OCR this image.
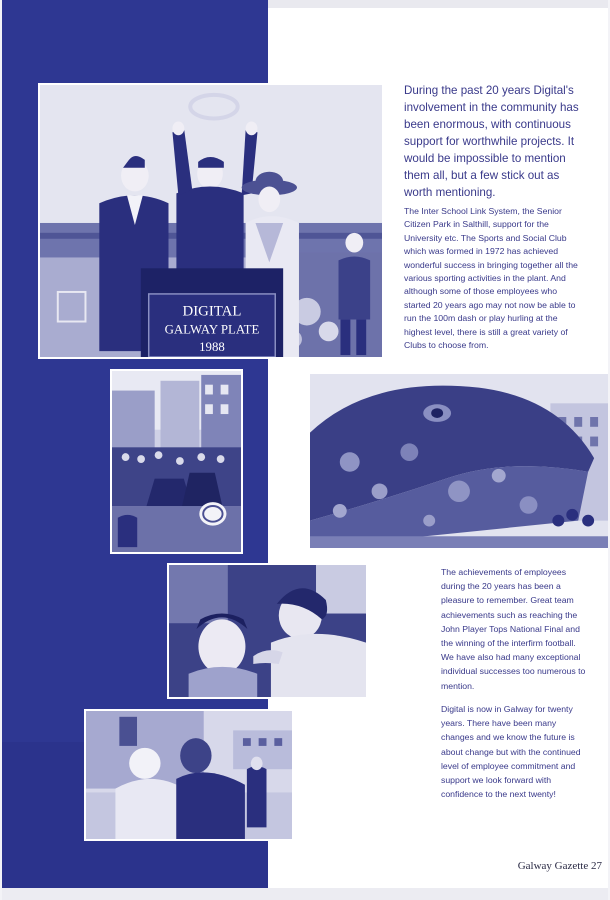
DIGITAL
GALWAY PLATE
1988

During the past 20 years Digital's involvement in the community has been enormous, with continuous support for worthwhile projects. It would be impossible to mention them all, but a few stick out as worth mentioning.

The Inter School Link System, the Senior Citizen Park in Salthill, support for the University etc. The Sports and Social Club which was formed in 1972 has achieved wonderful success in bringing together all the various sporting activities in the plant. And although some of those employees who started 20 years ago may not now be able to run the 100m dash or play hurling at the highest level, there is still a great variety of Clubs to choose from.

The achievements of employees during the 20 years has been a pleasure to remember. Great team achievements such as reaching the John Player Tops National Final and the winning of the interfirm football. We have also had many exceptional individual successes too numerous to mention.

Digital is now in Galway for twenty years. There have been many changes and we know the future is about change but with the continued level of employee commitment and support we look forward with confidence to the next twenty!

Galway Gazette 27
